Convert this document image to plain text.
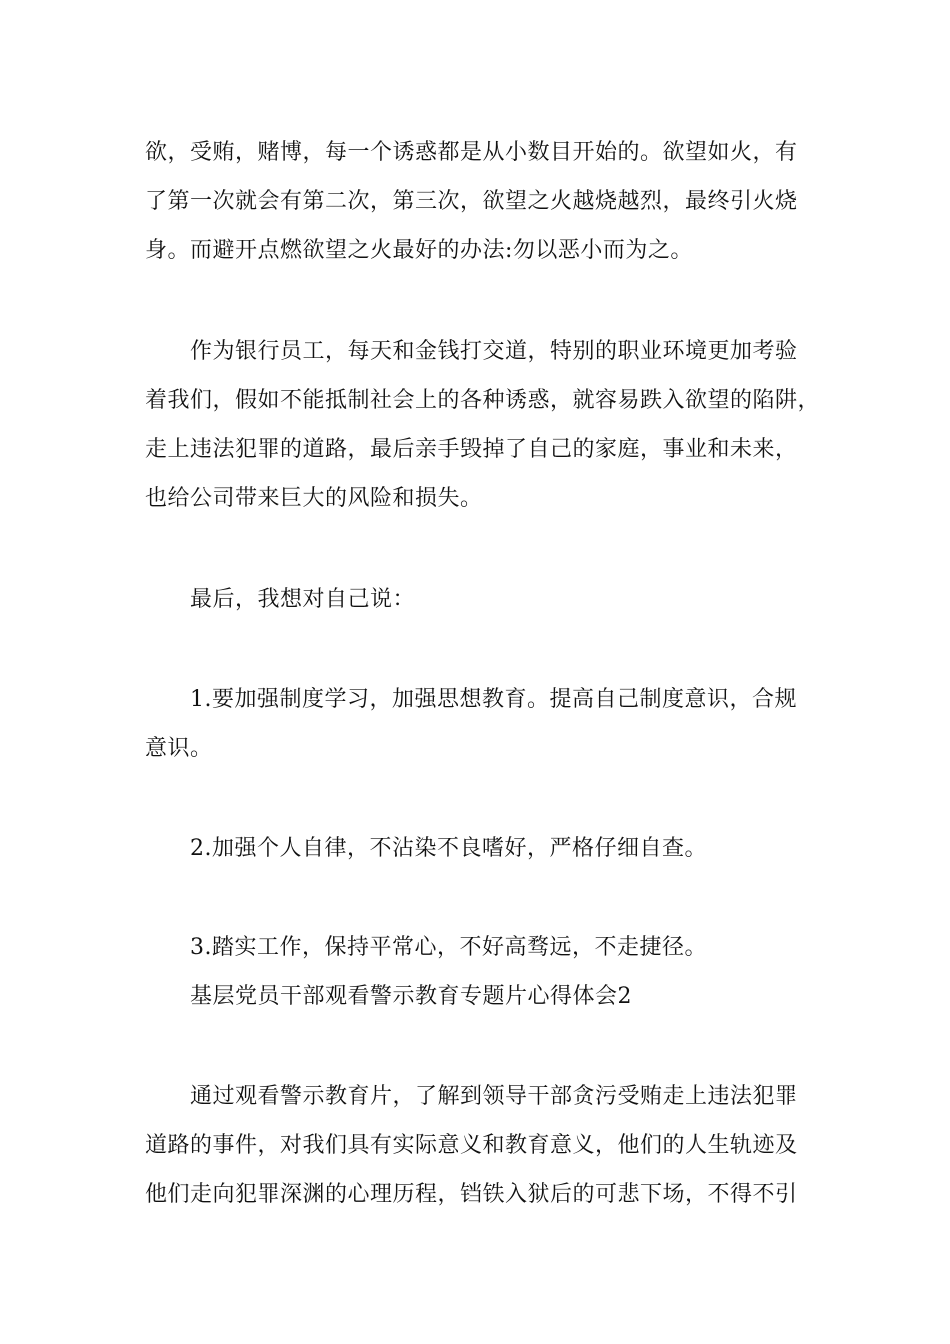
欲，受贿，赌博，每一个诱惑都是从小数目开始的。欲望如火，有
了第一次就会有第二次，第三次，欲望之火越烧越烈，最终引火烧
身。而避开点燃欲望之火最好的办法:勿以恶小而为之。
作为银行员工，每天和金钱打交道，特别的职业环境更加考验
着我们，假如不能抵制社会上的各种诱惑，就容易跌入欲望的陷阱，
走上违法犯罪的道路，最后亲手毁掉了自己的家庭，事业和未来，
也给公司带来巨大的风险和损失。
最后，我想对自己说：
1.要加强制度学习，加强思想教育。提高自己制度意识，合规
意识。
2.加强个人自律，不沾染不良嗜好，严格仔细自查。
3.踏实工作，保持平常心，不好高骛远，不走捷径。
基层党员干部观看警示教育专题片心得体会2
通过观看警示教育片，了解到领导干部贪污受贿走上违法犯罪
道路的事件，对我们具有实际意义和教育意义，他们的人生轨迹及
他们走向犯罪深渊的心理历程，铛铁入狱后的可悲下场，不得不引
